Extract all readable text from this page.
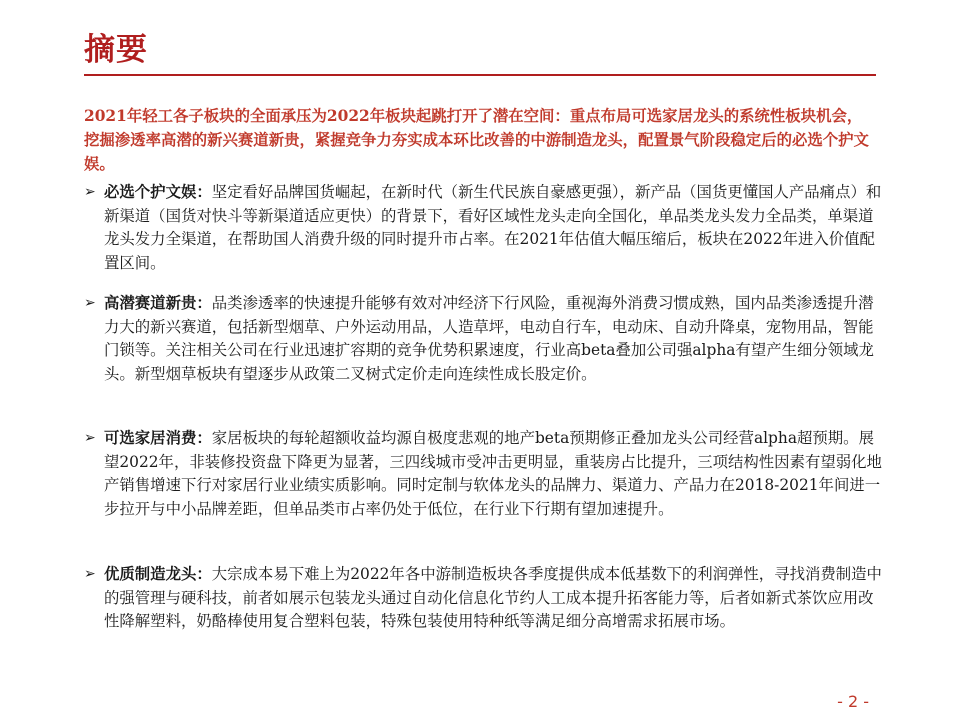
摘要
2021年轻工各子板块的全面承压为2022年板块起跳打开了潜在空间：重点布局可选家居龙头的系统性板块机会，挖掘渗透率高潜的新兴赛道新贵，紧握竞争力夯实成本环比改善的中游制造龙头，配置景气阶段稳定后的必选个护文娱。
➢ 必选个护文娱：坚定看好品牌国货崛起，在新时代（新生代民族自豪感更强），新产品（国货更懂国人产品痛点）和新渠道（国货对快斗等新渠道适应更快）的背景下，看好区域性龙头走向全国化，单品类龙头发力全品类，单渠道龙头发力全渠道，在帮助国人消费升级的同时提升市占率。在2021年估值大幅压缩后，板块在2022年进入价值配置区间。
➢ 高潜赛道新贵：品类渗透率的快速提升能够有效对冲经济下行风险，重视海外消费习惯成熟，国内品类渗透提升潜力大的新兴赛道，包括新型烟草、户外运动用品，人造草坪，电动自行车，电动床、自动升降桌，宠物用品，智能门锁等。关注相关公司在行业迅速扩容期的竞争优势积累速度，行业高beta叠加公司强alpha有望产生细分领域龙头。新型烟草板块有望逐步从政策二叉树式定价走向连续性成长股定价。
➢ 可选家居消费：家居板块的每轮超额收益均源自极度悲观的地产beta预期修正叠加龙头公司经营alpha超预期。展望2022年，非装修投资盘下降更为显著，三四线城市受冲击更明显，重装房占比提升，三项结构性因素有望弱化地产销售增速下行对家居行业业绩实质影响。同时定制与软体龙头的品牌力、渠道力、产品力在2018-2021年间进一步拉开与中小品牌差距，但单品类市占率仍处于低位，在行业下行期有望加速提升。
➢ 优质制造龙头：大宗成本易下难上为2022年各中游制造板块各季度提供成本低基数下的利润弹性，寻找消费制造中的强管理与硬科技，前者如展示包装龙头通过自动化信息化节约人工成本提升拓客能力等，后者如新式茶饮应用改性降解塑料，奶酪棒使用复合塑料包装，特殊包装使用特种纸等满足细分高增需求拓展市场。
- 2 -
